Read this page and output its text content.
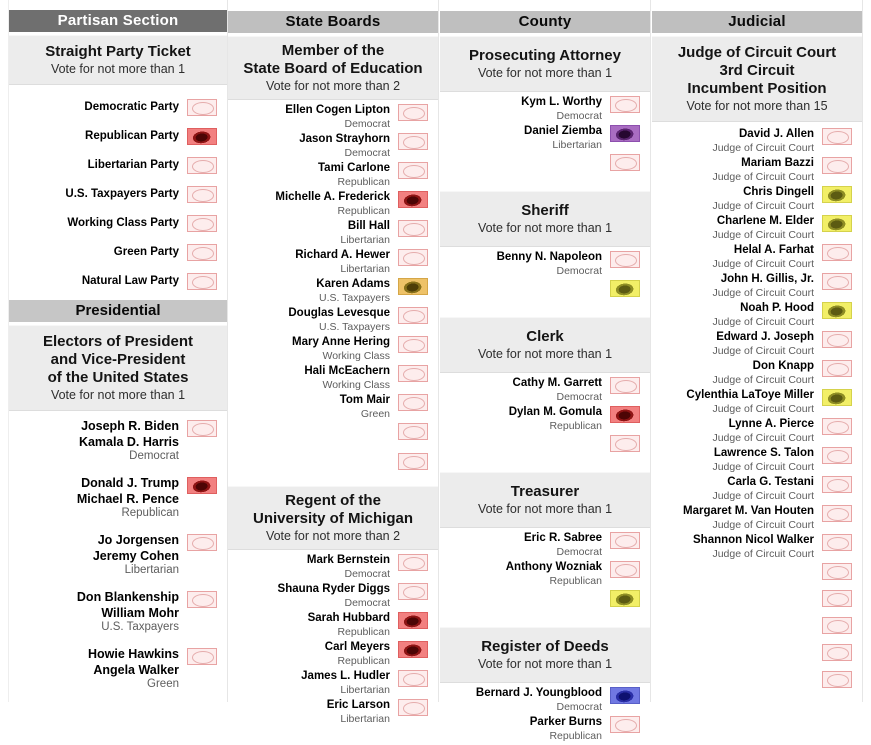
Partisan Section
Straight Party Ticket
Vote for not more than 1
Democratic Party
Republican Party
Libertarian Party
U.S. Taxpayers Party
Working Class Party
Green Party
Natural Law Party
Presidential
Electors of President
and Vice-President
of the United States
Vote for not more than 1
Joseph R. Biden
Kamala D. Harris
Democrat
Donald J. Trump
Michael R. Pence
Republican
Jo Jorgensen
Jeremy Cohen
Libertarian
Don Blankenship
William Mohr
U.S. Taxpayers
Howie Hawkins
Angela Walker
Green
State Boards
Member of the
State Board of Education
Vote for not more than 2
Ellen Cogen Lipton
Democrat
Jason Strayhorn
Democrat
Tami Carlone
Republican
Michelle A. Frederick
Republican
Bill Hall
Libertarian
Richard A. Hewer
Libertarian
Karen Adams
U.S. Taxpayers
Douglas Levesque
U.S. Taxpayers
Mary Anne Hering
Working Class
Hali McEachern
Working Class
Tom Mair
Green
Regent of the
University of Michigan
Vote for not more than 2
Mark Bernstein
Democrat
Shauna Ryder Diggs
Democrat
Sarah Hubbard
Republican
Carl Meyers
Republican
James L. Hudler
Libertarian
Eric Larson
Libertarian
County
Prosecuting Attorney
Vote for not more than 1
Kym L. Worthy
Democrat
Daniel Ziemba
Libertarian
Sheriff
Vote for not more than 1
Benny N. Napoleon
Democrat
Clerk
Vote for not more than 1
Cathy M. Garrett
Democrat
Dylan M. Gomula
Republican
Treasurer
Vote for not more than 1
Eric R. Sabree
Democrat
Anthony Wozniak
Republican
Register of Deeds
Vote for not more than 1
Bernard J. Youngblood
Democrat
Parker Burns
Republican
Judicial
Judge of Circuit Court
3rd Circuit
Incumbent Position
Vote for not more than 15
David J. Allen
Judge of Circuit Court
Mariam Bazzi
Judge of Circuit Court
Chris Dingell
Judge of Circuit Court
Charlene M. Elder
Judge of Circuit Court
Helal A. Farhat
Judge of Circuit Court
John H. Gillis, Jr.
Judge of Circuit Court
Noah P. Hood
Judge of Circuit Court
Edward J. Joseph
Judge of Circuit Court
Don Knapp
Judge of Circuit Court
Cylenthia LaToye Miller
Judge of Circuit Court
Lynne A. Pierce
Judge of Circuit Court
Lawrence S. Talon
Judge of Circuit Court
Carla G. Testani
Judge of Circuit Court
Margaret M. Van Houten
Judge of Circuit Court
Shannon Nicol Walker
Judge of Circuit Court
